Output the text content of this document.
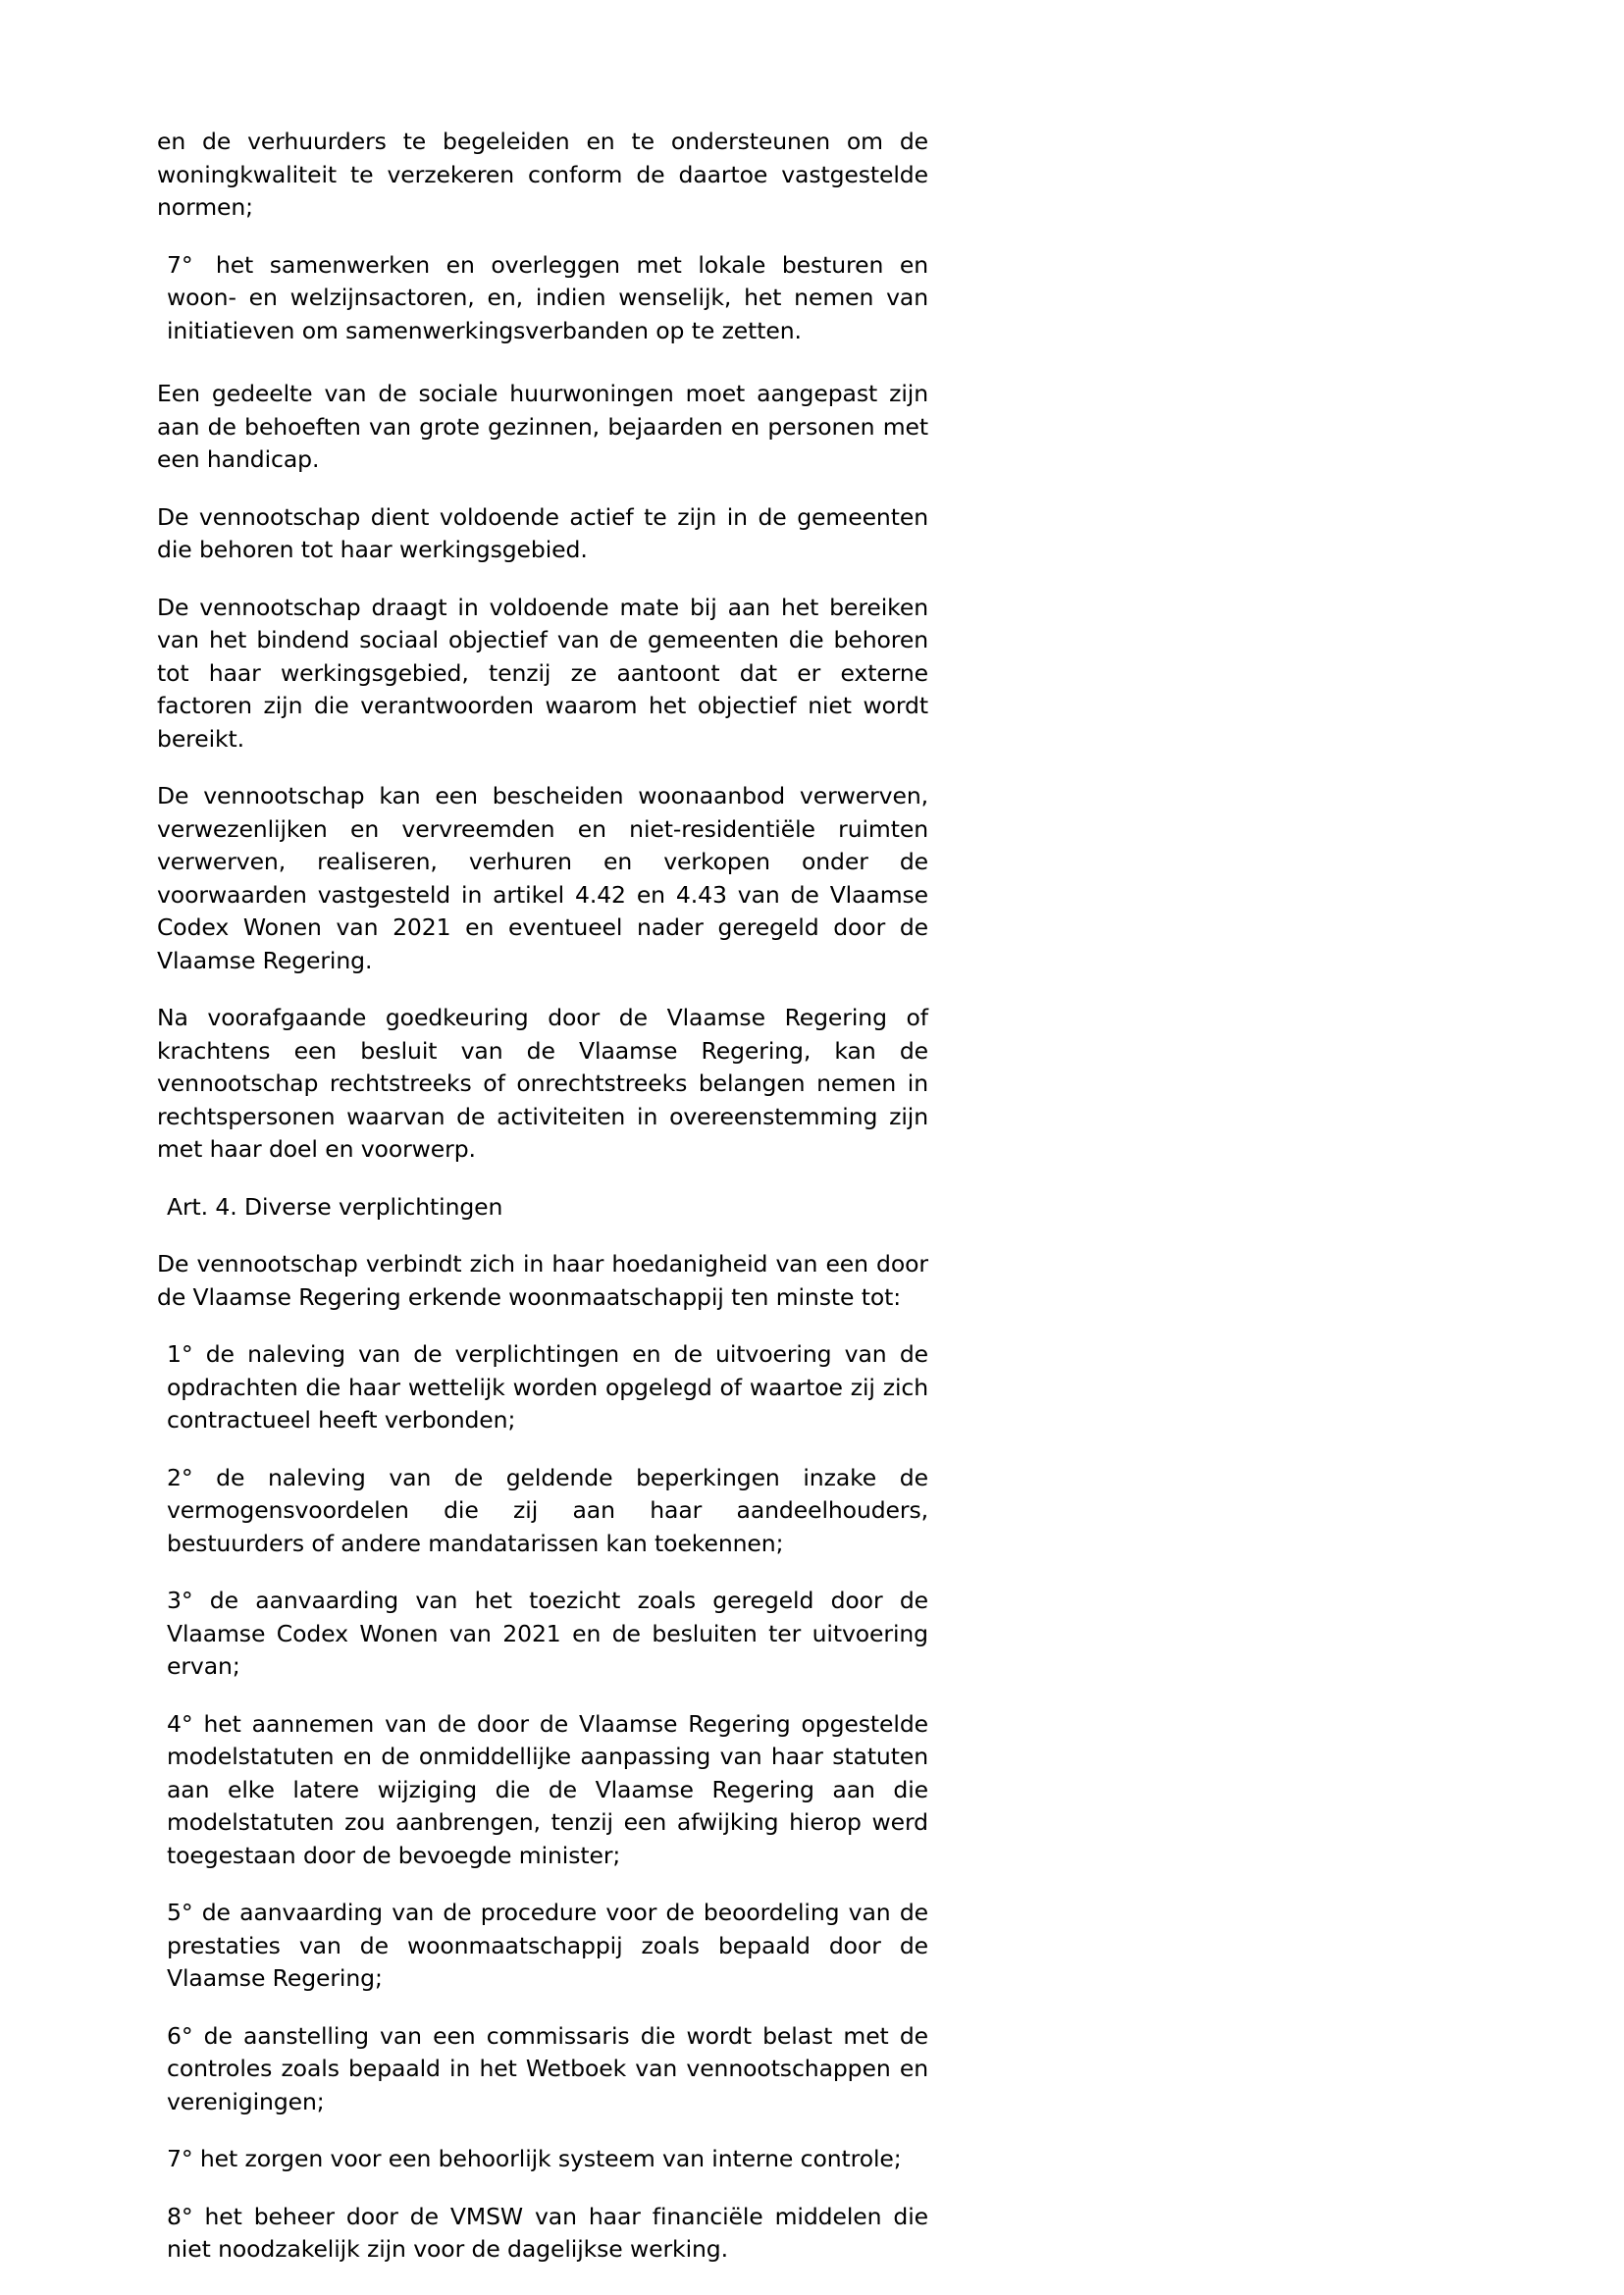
en de verhuurders te begeleiden en te ondersteunen om de woningkwaliteit te verzekeren conform de daartoe vastgestelde normen;

7° het samenwerken en overleggen met lokale besturen en woon- en welzijnsactoren, en, indien wenselijk, het nemen van initiatieven om samenwerkingsverbanden op te zetten.

Een gedeelte van de sociale huurwoningen moet aangepast zijn aan de behoeften van grote gezinnen, bejaarden en personen met een handicap.

De vennootschap dient voldoende actief te zijn in de gemeenten die behoren tot haar werkingsgebied.

De vennootschap draagt in voldoende mate bij aan het bereiken van het bindend sociaal objectief van de gemeenten die behoren tot haar werkingsgebied, tenzij ze aantoont dat er externe factoren zijn die verantwoorden waarom het objectief niet wordt bereikt.

De vennootschap kan een bescheiden woonaanbod verwerven, verwezenlijken en vervreemden en niet-residentiële ruimten verwerven, realiseren, verhuren en verkopen onder de voorwaarden vastgesteld in artikel 4.42 en 4.43 van de Vlaamse Codex Wonen van 2021 en eventueel nader geregeld door de Vlaamse Regering.

Na voorafgaande goedkeuring door de Vlaamse Regering of krachtens een besluit van de Vlaamse Regering, kan de vennootschap rechtstreeks of onrechtstreeks belangen nemen in rechtspersonen waarvan de activiteiten in overeenstemming zijn met haar doel en voorwerp.

Art. 4. Diverse verplichtingen

De vennootschap verbindt zich in haar hoedanigheid van een door de Vlaamse Regering erkende woonmaatschappij ten minste tot:

1° de naleving van de verplichtingen en de uitvoering van de opdrachten die haar wettelijk worden opgelegd of waartoe zij zich contractueel heeft verbonden;

2° de naleving van de geldende beperkingen inzake de vermogensvoordelen die zij aan haar aandeelhouders, bestuurders of andere mandatarissen kan toekennen;

3° de aanvaarding van het toezicht zoals geregeld door de Vlaamse Codex Wonen van 2021 en de besluiten ter uitvoering ervan;

4° het aannemen van de door de Vlaamse Regering opgestelde modelstatuten en de onmiddellijke aanpassing van haar statuten aan elke latere wijziging die de Vlaamse Regering aan die modelstatuten zou aanbrengen, tenzij een afwijking hierop werd toegestaan door de bevoegde minister;

5° de aanvaarding van de procedure voor de beoordeling van de prestaties van de woonmaatschappij zoals bepaald door de Vlaamse Regering;

6° de aanstelling van een commissaris die wordt belast met de controles zoals bepaald in het Wetboek van vennootschappen en verenigingen;

7° het zorgen voor een behoorlijk systeem van interne controle;

8° het beheer door de VMSW van haar financiële middelen die niet noodzakelijk zijn voor de dagelijkse werking.
